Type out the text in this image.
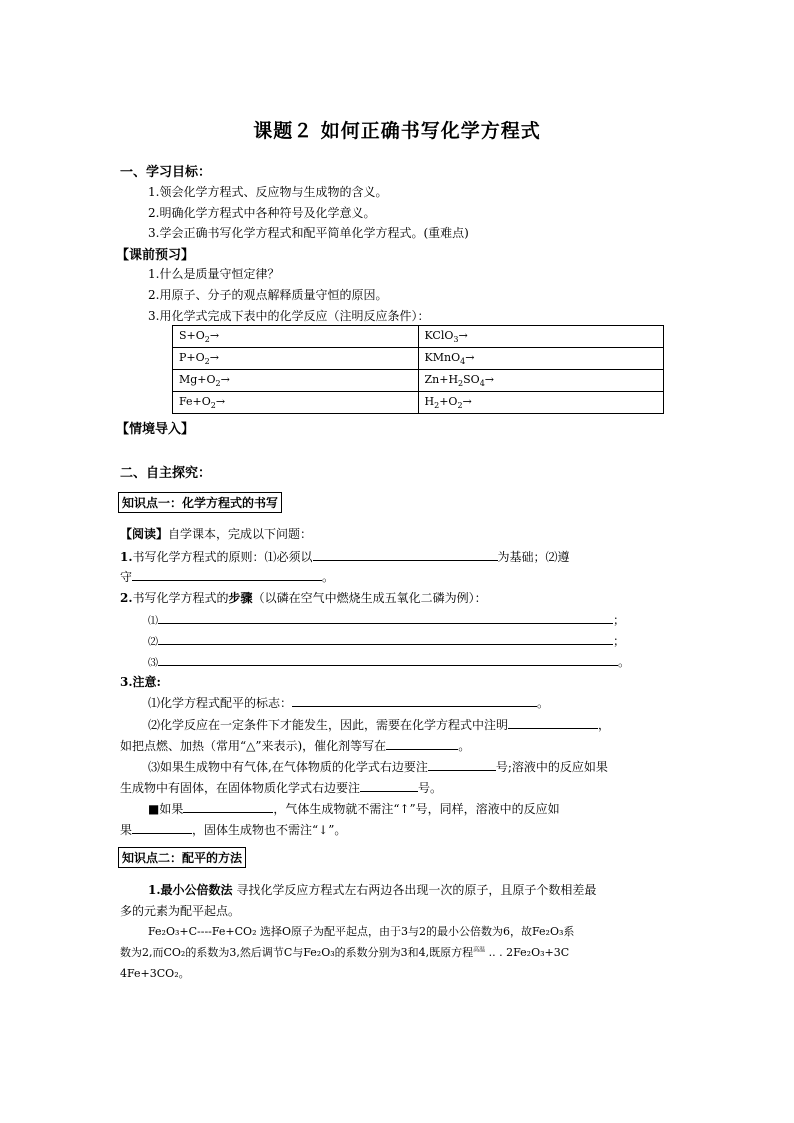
课题２ 如何正确书写化学方程式
一、学习目标：
1.领会化学方程式、反应物与生成物的含义。
2.明确化学方程式中各种符号及化学意义。
3.学会正确书写化学方程式和配平简单化学方程式。(重难点)
【课前预习】
1.什么是质量守恒定律？
2.用原子、分子的观点解释质量守恒的原因。
3.用化学式完成下表中的化学反应（注明反应条件）：
$S+O_2\to$	KClO$_3$→
$P+O_2\to$	KMnO$_4$→
$Mg+O_2\to$	$Zn+H_2SO_4\to$
$Fe+O_2\to$	$H_2+O_2\to$
【情境导入】
二、自主探究：
知识点一：化学方程式的书写
【阅读】自学课本，完成以下问题：
1.书写化学方程式的原则：⑴必须以	为基础；⑵遵
守	。
2.书写化学方程式的步骤（以磷在空气中燃烧生成五氧化二磷为例）：
⑴	；
⑵	；
⑶	。
3.注意:
⑴化学方程式配平的标志：	。
⑵化学反应在一定条件下才能发生，因此，需要在化学方程式中注明	，
如把点燃、加热（常用“△”来表示)，催化剂等写在	。
⑶如果生成物中有气体,在气体物质的化学式右边要注	号;溶液中的反应如果
生成物中有固体，在固体物质化学式右边要注	号。
■如果	，气体生成物就不需注“↑”号，同样，溶液中的反应如
果	，固体生成物也不需注“↓”。
知识点二：配平的方法
1.最小公倍数法 寻找化学反应方程式左右两边各出现一次的原子，且原子个数相差最
多的元素为配平起点。
Fe₂O₃+C----Fe+CO₂ 选择O原子为配平起点，由于3与2的最小公倍数为6，故Fe₂O₃系
数为2,而CO₂的系数为3,然后调节C与Fe₂O₃的系数分别为3和4,既原方程$^{高温}$ .. . 2Fe₂O₃+3C
4Fe+3CO₂。
